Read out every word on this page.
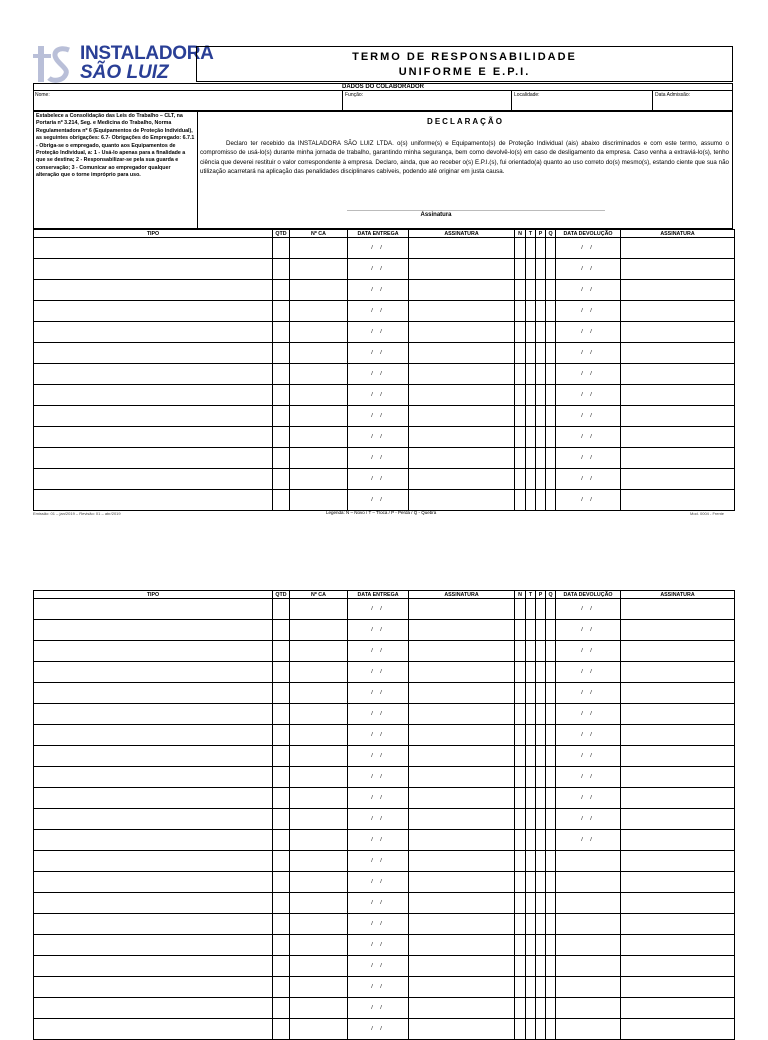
INSTALADORA
SÃO LUIZ
TERMO DE RESPONSABILIDADE
UNIFORME E E.P.I.
DADOS DO COLABORADOR
Nome:	Função:	Localidade:	Data Admissão:
Estabelece a Consolidação das Leis do Trabalho – CLT, na Portaria nº 3.214, Seg. e Medicina do Trabalho, Norma Regulamentadora nº 6 (Equipamentos de Proteção Individual), as seguintes obrigações: 6.7- Obrigações do Empregado: 6.7.1 - Obriga-se o empregado, quanto aos Equipamentos de Proteção Individual, a: 1 - Usá-lo apenas para a finalidade a que se destina; 2 - Responsabilizar-se pela sua guarda e conservação; 3 - Comunicar ao empregador qualquer alteração que o torne impróprio para uso.
DECLARAÇÃO
Declaro ter recebido da INSTALADORA SÃO LUIZ LTDA. o(s) uniforme(s) e Equipamento(s) de Proteção Individual (ais) abaixo discriminados e com este termo, assumo o compromisso de usá-lo(s) durante minha jornada de trabalho, garantindo minha segurança, bem como devolvê-lo(s) em caso de desligamento da empresa. Caso venha a extraviá-lo(s), tenho ciência que deverei restituir o valor correspondente à empresa. Declaro, ainda, que ao receber o(s) E.P.I.(s), fui orientado(a) quanto ao uso correto do(s) mesmo(s), estando ciente que sua não utilização acarretará na aplicação das penalidades disciplinares cabíveis, podendo até originar em justa causa.
Assinatura
TIPO	QTD	Nº CA	DATA ENTREGA	ASSINATURA	N	T	P	Q	DATA DEVOLUÇÃO	ASSINATURA
			/ /						/ /	
			/ /						/ /	
			/ /						/ /	
			/ /						/ /	
			/ /						/ /	
			/ /						/ /	
			/ /						/ /	
			/ /						/ /	
			/ /						/ /	
			/ /						/ /	
			/ /						/ /	
			/ /						/ /	
			/ /						/ /	
Emissão: 01 – jan/2019 – Revisão: 01 – abr/2019	Legenda: N – Novo / T – Troca / P - Perda / Q - Quebra	Mod. 0004 - Frente
TIPO	QTD	Nº CA	DATA ENTREGA	ASSINATURA	N	T	P	Q	DATA DEVOLUÇÃO	ASSINATURA
			/ /						/ /	
			/ /						/ /	
			/ /						/ /	
			/ /						/ /	
			/ /						/ /	
			/ /						/ /	
			/ /						/ /	
			/ /						/ /	
			/ /						/ /	
			/ /						/ /	
			/ /						/ /	
			/ /						/ /	
			/ /							
			/ /							
			/ /							
			/ /							
			/ /							
			/ /							
			/ /							
			/ /							
			/ /							
